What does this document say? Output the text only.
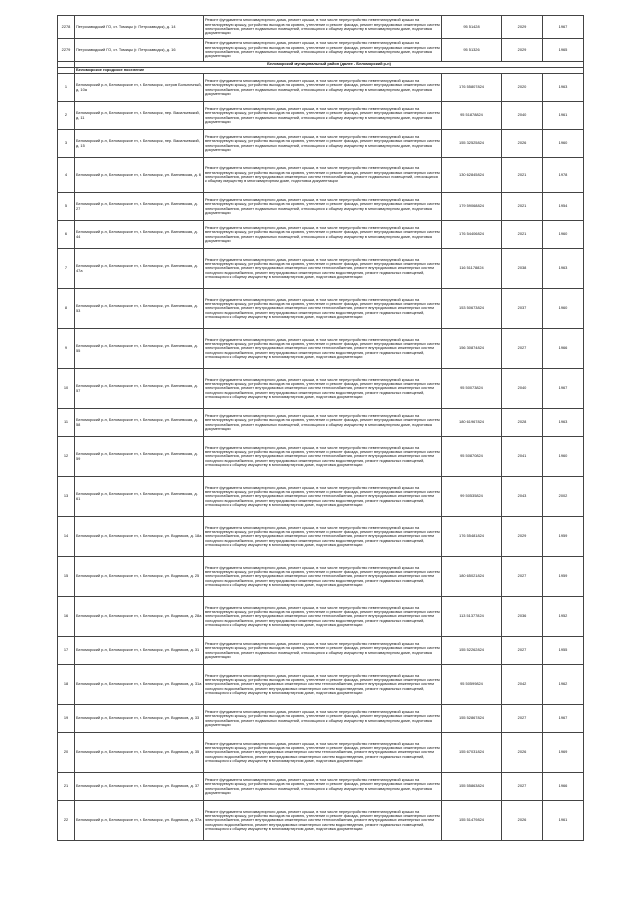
2278	Петрозаводский ГО, ст. Томицы (г. Петрозаводск), д. 14	Ремонт фундамента многоквартирного дома, ремонт крыши, в том числе переустройство невентилируемой крыши на вентилируемую крышу, устройство выходов на кровлю, утепление и ремонт фасада, ремонт внутридомовых инженерных систем электроснабжения, ремонт подвальных помещений, относящихся к общему имуществу в многоквартирном доме, подготовка документации	95 51428	2029	1967
2279	Петрозаводский ГО, ст. Томицы (г. Петрозаводск), д. 16	Ремонт фундамента многоквартирного дома, ремонт крыши, в том числе переустройство невентилируемой крыши на вентилируемую крышу, устройство выходов на кровлю, утепление и ремонт фасада, ремонт внутридомовых инженерных систем электроснабжения, ремонт подвальных помещений, относящихся к общему имуществу в многоквартирном доме, подготовка документации	95 51326	2029	1965
	Беломорский муниципальный район (далее - Беломорский р-н)				
	Беломорское городское поселение				
1	Беломорский р-н, Беломорское гп, г. Беломорск, остров Больничный, д. 10а	Ремонт фундамента многоквартирного дома, ремонт крыши, в том числе переустройство невентилируемой крыши на вентилируемую крышу, устройство выходов на кровлю, утепление и ремонт фасада, ремонт внутридомовых инженерных систем электроснабжения, ремонт подвальных помещений, относящихся к общему имуществу в многоквартирном доме, подготовка документации	176 55807824	2020	1963
2	Беломорский р-н, Беломорское гп, г. Беломорск, пер. Васильевский, д. 11	Ремонт фундамента многоквартирного дома, ремонт крыши, в том числе переустройство невентилируемой крыши на вентилируемую крышу, устройство выходов на кровлю, утепление и ремонт фасада, ремонт внутридомовых инженерных систем электроснабжения, ремонт подвальных помещений, относящихся к общему имуществу в многоквартирном доме, подготовка документации	95 51878824	2040	1961
3	Беломорский р-н, Беломорское гп, г. Беломорск, пер. Васильевский, д. 15	Ремонт фундамента многоквартирного дома, ремонт крыши, в том числе переустройство невентилируемой крыши на вентилируемую крышу, устройство выходов на кровлю, утепление и ремонт фасада, ремонт внутридомовых инженерных систем электроснабжения, ремонт подвальных помещений, относящихся к общему имуществу в многоквартирном доме, подготовка документации	155 32525824	2026	1960
4	Беломорский р-н, Беломорское гп, г. Беломорск, ул. Ванчевская, д. 6	Ремонт фундамента многоквартирного дома, ремонт крыши, в том числе переустройство невентилируемой крыши на вентилируемую крышу, устройство выходов на кровлю, утепление и ремонт фасада, ремонт внутридомовых инженерных систем электроснабжения, ремонт внутридомовых инженерных систем теплоснабжения, ремонт подвальных помещений, относящихся к общему имуществу в многоквартирном доме, подготовка документации	130 62845824	2021	1978
5	Беломорский р-н, Беломорское гп, г. Беломорск, ул. Ванчевская, д. 27	Ремонт фундамента многоквартирного дома, ремонт крыши, в том числе переустройство невентилируемой крыши на вентилируемую крышу, устройство выходов на кровлю, утепление и ремонт фасада, ремонт внутридомовых инженерных систем электроснабжения, ремонт подвальных помещений, относящихся к общему имуществу в многоквартирном доме, подготовка документации	179 59068824	2021	1954
6	Беломорский р-н, Беломорское гп, г. Беломорск, ул. Ванчевская, д. 44	Ремонт фундамента многоквартирного дома, ремонт крыши, в том числе переустройство невентилируемой крыши на вентилируемую крышу, устройство выходов на кровлю, утепление и ремонт фасада, ремонт внутридомовых инженерных систем электроснабжения, ремонт подвальных помещений, относящихся к общему имуществу в многоквартирном доме, подготовка документации	176 54406824	2021	1960
7	Беломорский р-н, Беломорское гп, г. Беломорск, ул. Ванчевская, д. 47а	Ремонт фундамента многоквартирного дома, ремонт крыши, в том числе переустройство невентилируемой крыши на вентилируемую крышу, устройство выходов на кровлю, утепление и ремонт фасада, ремонт внутридомовых инженерных систем электроснабжения, ремонт внутридомовых инженерных систем теплоснабжения, ремонт внутридомовых инженерных систем холодного водоснабжения, ремонт внутридомовых инженерных систем водоотведения, ремонт подвальных помещений, относящихся к общему имуществу в многоквартирном доме, подготовка документации	116 51178824	2038	1963
8	Беломорский р-н, Беломорское гп, г. Беломорск, ул. Ванчевская, д. 53	Ремонт фундамента многоквартирного дома, ремонт крыши, в том числе переустройство невентилируемой крыши на вентилируемую крышу, устройство выходов на кровлю, утепление и ремонт фасада, ремонт внутридомовых инженерных систем электроснабжения, ремонт внутридомовых инженерных систем теплоснабжения, ремонт внутридомовых инженерных систем холодного водоснабжения, ремонт внутридомовых инженерных систем водоотведения, ремонт подвальных помещений, относящихся к общему имуществу в многоквартирном доме, подготовка документации	153 50673824	2037	1960
9	Беломорский р-н, Беломорское гп, г. Беломорск, ул. Ванчевская, д. 55	Ремонт фундамента многоквартирного дома, ремонт крыши, в том числе переустройство невентилируемой крыши на вентилируемую крышу, устройство выходов на кровлю, утепление и ремонт фасада, ремонт внутридомовых инженерных систем электроснабжения, ремонт внутридомовых инженерных систем теплоснабжения, ремонт внутридомовых инженерных систем холодного водоснабжения, ремонт внутридомовых инженерных систем водоотведения, ремонт подвальных помещений, относящихся к общему имуществу в многоквартирном доме, подготовка документации	156 30874824	2027	1966
10	Беломорский р-н, Беломорское гп, г. Беломорск, ул. Ванчевская, д. 57	Ремонт фундамента многоквартирного дома, ремонт крыши, в том числе переустройство невентилируемой крыши на вентилируемую крышу, устройство выходов на кровлю, утепление и ремонт фасада, ремонт внутридомовых инженерных систем электроснабжения, ремонт внутридомовых инженерных систем теплоснабжения, ремонт внутридомовых инженерных систем холодного водоснабжения, ремонт внутридомовых инженерных систем водоотведения, ремонт подвальных помещений, относящихся к общему имуществу в многоквартирном доме, подготовка документации	95 50073824	2040	1967
11	Беломорский р-н, Беломорское гп, г. Беломорск, ул. Ванчевская, д. 58	Ремонт фундамента многоквартирного дома, ремонт крыши, в том числе переустройство невентилируемой крыши на вентилируемую крышу, устройство выходов на кровлю, утепление и ремонт фасада, ремонт внутридомовых инженерных систем электроснабжения, ремонт подвальных помещений, относящихся к общему имуществу в многоквартирном доме, подготовка документации	180 61967824	2028	1963
12	Беломорский р-н, Беломорское гп, г. Беломорск, ул. Ванчевская, д. 59	Ремонт фундамента многоквартирного дома, ремонт крыши, в том числе переустройство невентилируемой крыши на вентилируемую крышу, устройство выходов на кровлю, утепление и ремонт фасада, ремонт внутридомовых инженерных систем электроснабжения, ремонт внутридомовых инженерных систем теплоснабжения, ремонт внутридомовых инженерных систем холодного водоснабжения, ремонт внутридомовых инженерных систем водоотведения, ремонт подвальных помещений, относящихся к общему имуществу в многоквартирном доме, подготовка документации	95 50870824	2041	1960
13	Беломорский р-н, Беломорское гп, г. Беломорск, ул. Ванчевская, д. 61	Ремонт фундамента многоквартирного дома, ремонт крыши, в том числе переустройство невентилируемой крыши на вентилируемую крышу, устройство выходов на кровлю, утепление и ремонт фасада, ремонт внутридомовых инженерных систем электроснабжения, ремонт внутридомовых инженерных систем теплоснабжения, ремонт внутридомовых инженерных систем холодного водоснабжения, ремонт внутридомовых инженерных систем водоотведения, ремонт подвальных помещений, относящихся к общему имуществу в многоквартирном доме, подготовка документации	99 50535824	2043	2002
14	Беломорский р-н, Беломорское гп, г. Беломорск, ул. Водников, д. 18а	Ремонт фундамента многоквартирного дома, ремонт крыши, в том числе переустройство невентилируемой крыши на вентилируемую крышу, устройство выходов на кровлю, утепление и ремонт фасада, ремонт внутридомовых инженерных систем электроснабжения, ремонт внутридомовых инженерных систем теплоснабжения, ремонт внутридомовых инженерных систем холодного водоснабжения, ремонт внутридомовых инженерных систем водоотведения, ремонт подвальных помещений, относящихся к общему имуществу в многоквартирном доме, подготовка документации	176 55481824	2029	1959
15	Беломорский р-н, Беломорское гп, г. Беломорск, ул. Водников, д. 25	Ремонт фундамента многоквартирного дома, ремонт крыши, в том числе переустройство невентилируемой крыши на вентилируемую крышу, устройство выходов на кровлю, утепление и ремонт фасада, ремонт внутридомовых инженерных систем электроснабжения, ремонт внутридомовых инженерных систем теплоснабжения, ремонт внутридомовых инженерных систем холодного водоснабжения, ремонт внутридомовых инженерных систем водоотведения, ремонт подвальных помещений, относящихся к общему имуществу в многоквартирном доме, подготовка документации	180 65021824	2027	1959
16	Беломорский р-н, Беломорское гп, г. Беломорск, ул. Водников, д. 28а	Ремонт фундамента многоквартирного дома, ремонт крыши, в том числе переустройство невентилируемой крыши на вентилируемую крышу, устройство выходов на кровлю, утепление и ремонт фасада, ремонт внутридомовых инженерных систем электроснабжения, ремонт внутридомовых инженерных систем теплоснабжения, ремонт внутридомовых инженерных систем холодного водоснабжения, ремонт внутридомовых инженерных систем водоотведения, ремонт подвальных помещений, относящихся к общему имуществу в многоквартирном доме, подготовка документации	113 51377824	2036	1952
17	Беломорский р-н, Беломорское гп, г. Беломорск, ул. Водников, д. 31	Ремонт фундамента многоквартирного дома, ремонт крыши, в том числе переустройство невентилируемой крыши на вентилируемую крышу, устройство выходов на кровлю, утепление и ремонт фасада, ремонт внутридомовых инженерных систем электроснабжения, ремонт подвальных помещений, относящихся к общему имуществу в многоквартирном доме, подготовка документации	155 52262824	2027	1955
18	Беломорский р-н, Беломорское гп, г. Беломорск, ул. Водников, д. 31а	Ремонт фундамента многоквартирного дома, ремонт крыши, в том числе переустройство невентилируемой крыши на вентилируемую крышу, устройство выходов на кровлю, утепление и ремонт фасада, ремонт внутридомовых инженерных систем электроснабжения, ремонт внутридомовых инженерных систем теплоснабжения, ремонт внутридомовых инженерных систем холодного водоснабжения, ремонт внутридомовых инженерных систем водоотведения, ремонт подвальных помещений, относящихся к общему имуществу в многоквартирном доме, подготовка документации	95 50599824	2042	1962
19	Беломорский р-н, Беломорское гп, г. Беломорск, ул. Водников, д. 33	Ремонт фундамента многоквартирного дома, ремонт крыши, в том числе переустройство невентилируемой крыши на вентилируемую крышу, устройство выходов на кровлю, утепление и ремонт фасада, ремонт внутридомовых инженерных систем электроснабжения, ремонт подвальных помещений, относящихся к общему имуществу в многоквартирном доме, подготовка документации	155 52867824	2027	1967
20	Беломорский р-н, Беломорское гп, г. Беломорск, ул. Водников, д. 35	Ремонт фундамента многоквартирного дома, ремонт крыши, в том числе переустройство невентилируемой крыши на вентилируемую крышу, устройство выходов на кровлю, утепление и ремонт фасада, ремонт внутридомовых инженерных систем электроснабжения, ремонт внутридомовых инженерных систем теплоснабжения, ремонт внутридомовых инженерных систем холодного водоснабжения, ремонт внутридомовых инженерных систем водоотведения, ремонт подвальных помещений, относящихся к общему имуществу в многоквартирном доме, подготовка документации	155 67031824	2026	1969
21	Беломорский р-н, Беломорское гп, г. Беломорск, ул. Водников, д. 37	Ремонт фундамента многоквартирного дома, ремонт крыши, в том числе переустройство невентилируемой крыши на вентилируемую крышу, устройство выходов на кровлю, утепление и ремонт фасада, ремонт внутридомовых инженерных систем электроснабжения, ремонт подвальных помещений, относящихся к общему имуществу в многоквартирном доме, подготовка документации	155 55863824	2027	1966
22	Беломорский р-н, Беломорское гп, г. Беломорск, ул. Водников, д. 37а	Ремонт фундамента многоквартирного дома, ремонт крыши, в том числе переустройство невентилируемой крыши на вентилируемую крышу, устройство выходов на кровлю, утепление и ремонт фасада, ремонт внутридомовых инженерных систем электроснабжения, ремонт внутридомовых инженерных систем теплоснабжения, ремонт внутридомовых инженерных систем холодного водоснабжения, ремонт внутридомовых инженерных систем водоотведения, ремонт подвальных помещений, относящихся к общему имуществу в многоквартирном доме, подготовка документации	155 51479824	2026	1961
